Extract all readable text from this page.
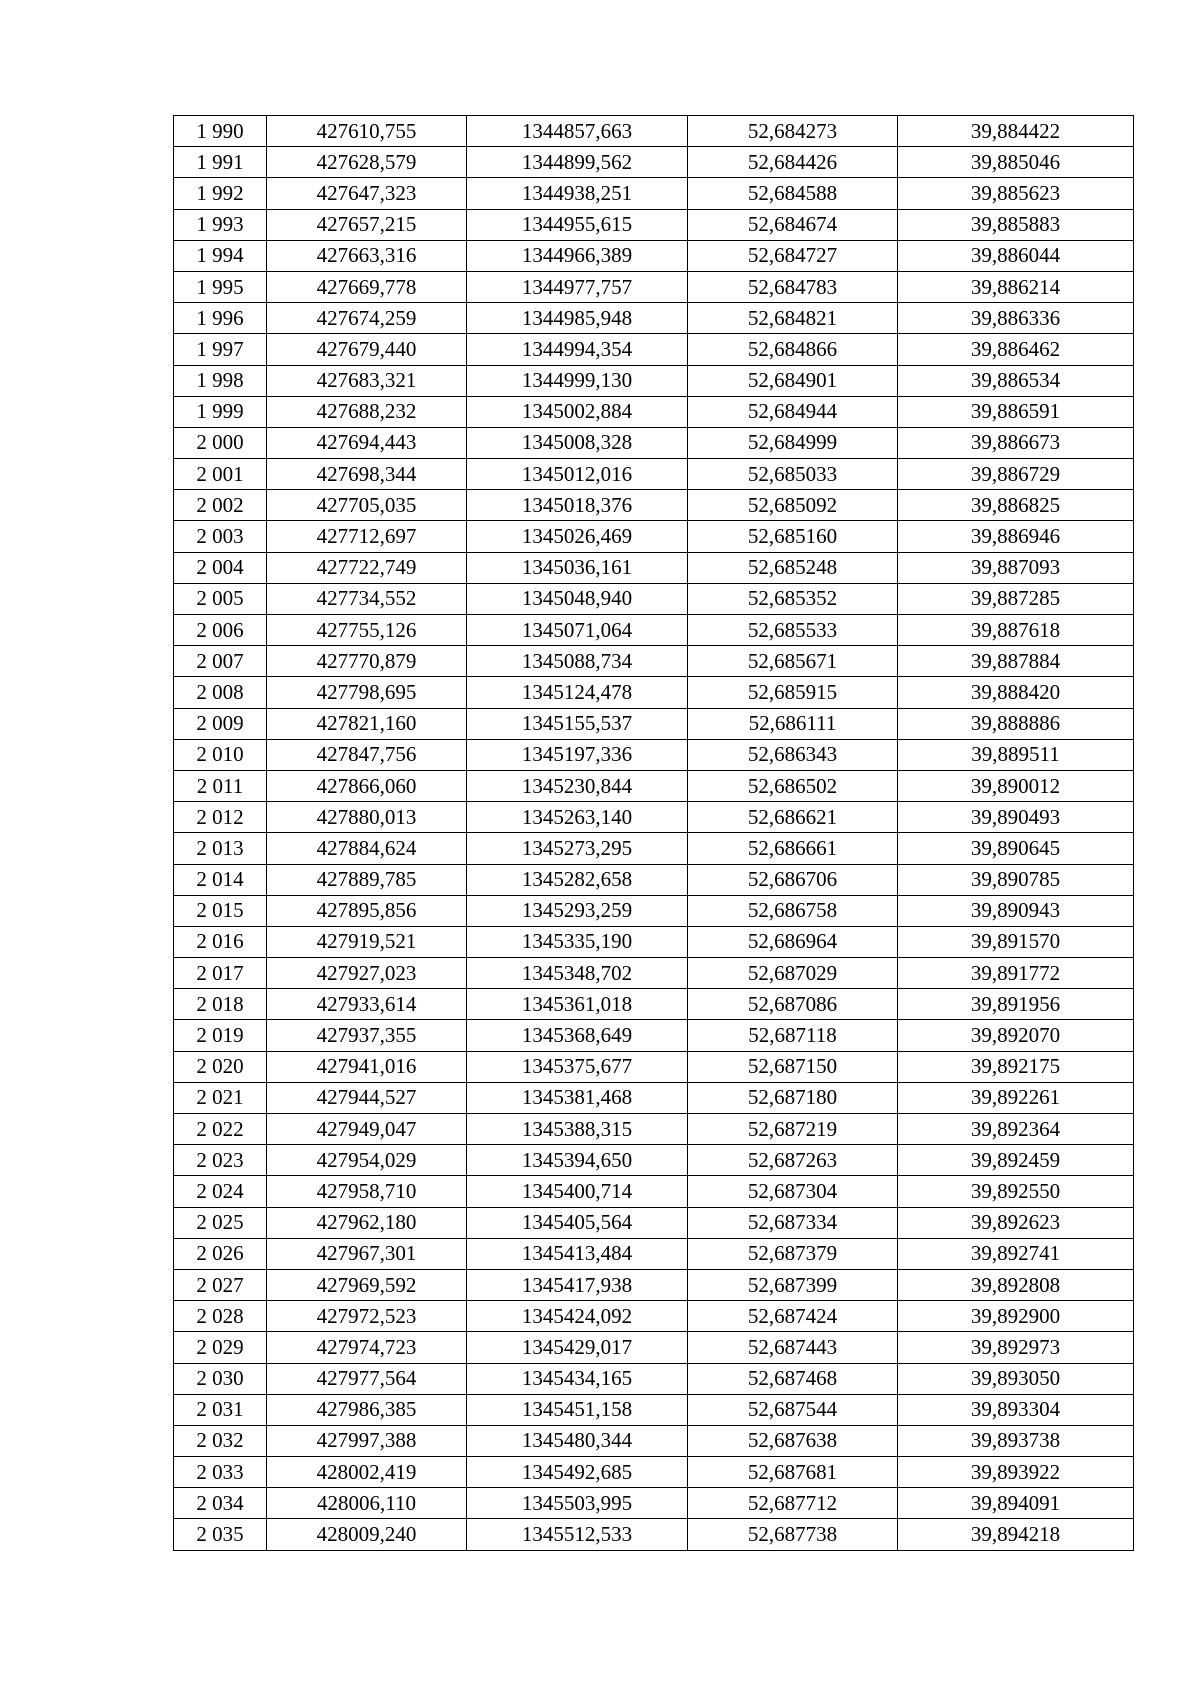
1 990	427610,755	1344857,663	52,684273	39,884422
1 991	427628,579	1344899,562	52,684426	39,885046
1 992	427647,323	1344938,251	52,684588	39,885623
1 993	427657,215	1344955,615	52,684674	39,885883
1 994	427663,316	1344966,389	52,684727	39,886044
1 995	427669,778	1344977,757	52,684783	39,886214
1 996	427674,259	1344985,948	52,684821	39,886336
1 997	427679,440	1344994,354	52,684866	39,886462
1 998	427683,321	1344999,130	52,684901	39,886534
1 999	427688,232	1345002,884	52,684944	39,886591
2 000	427694,443	1345008,328	52,684999	39,886673
2 001	427698,344	1345012,016	52,685033	39,886729
2 002	427705,035	1345018,376	52,685092	39,886825
2 003	427712,697	1345026,469	52,685160	39,886946
2 004	427722,749	1345036,161	52,685248	39,887093
2 005	427734,552	1345048,940	52,685352	39,887285
2 006	427755,126	1345071,064	52,685533	39,887618
2 007	427770,879	1345088,734	52,685671	39,887884
2 008	427798,695	1345124,478	52,685915	39,888420
2 009	427821,160	1345155,537	52,686111	39,888886
2 010	427847,756	1345197,336	52,686343	39,889511
2 011	427866,060	1345230,844	52,686502	39,890012
2 012	427880,013	1345263,140	52,686621	39,890493
2 013	427884,624	1345273,295	52,686661	39,890645
2 014	427889,785	1345282,658	52,686706	39,890785
2 015	427895,856	1345293,259	52,686758	39,890943
2 016	427919,521	1345335,190	52,686964	39,891570
2 017	427927,023	1345348,702	52,687029	39,891772
2 018	427933,614	1345361,018	52,687086	39,891956
2 019	427937,355	1345368,649	52,687118	39,892070
2 020	427941,016	1345375,677	52,687150	39,892175
2 021	427944,527	1345381,468	52,687180	39,892261
2 022	427949,047	1345388,315	52,687219	39,892364
2 023	427954,029	1345394,650	52,687263	39,892459
2 024	427958,710	1345400,714	52,687304	39,892550
2 025	427962,180	1345405,564	52,687334	39,892623
2 026	427967,301	1345413,484	52,687379	39,892741
2 027	427969,592	1345417,938	52,687399	39,892808
2 028	427972,523	1345424,092	52,687424	39,892900
2 029	427974,723	1345429,017	52,687443	39,892973
2 030	427977,564	1345434,165	52,687468	39,893050
2 031	427986,385	1345451,158	52,687544	39,893304
2 032	427997,388	1345480,344	52,687638	39,893738
2 033	428002,419	1345492,685	52,687681	39,893922
2 034	428006,110	1345503,995	52,687712	39,894091
2 035	428009,240	1345512,533	52,687738	39,894218
